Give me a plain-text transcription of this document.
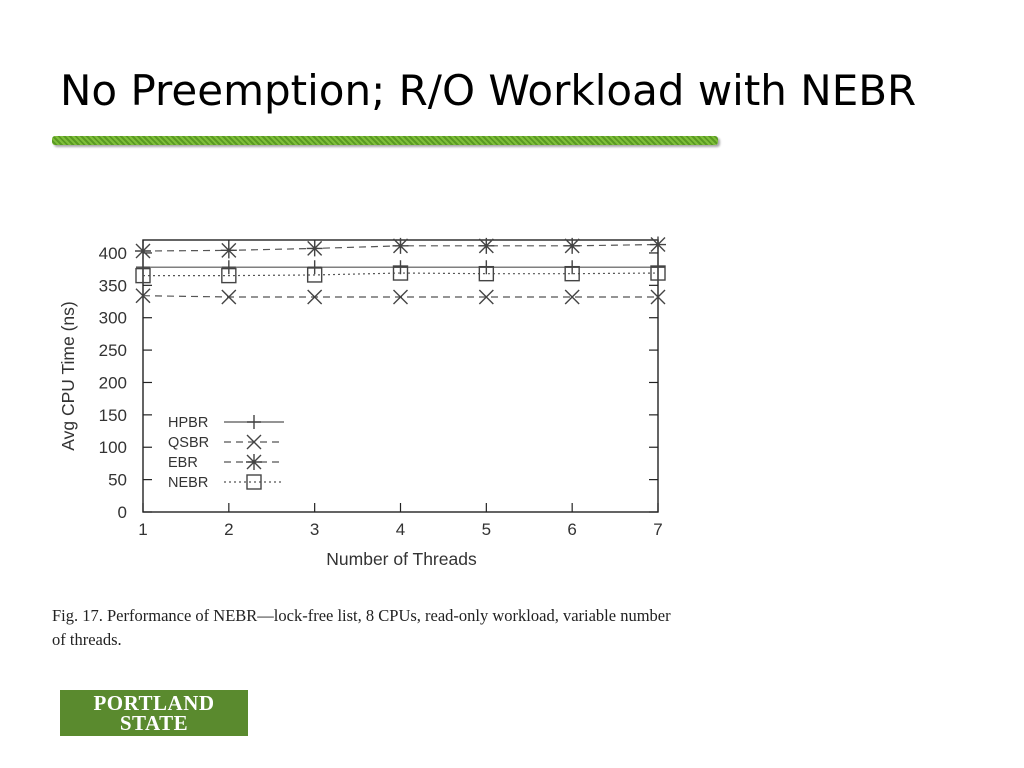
No Preemption; R/O Workload with NEBR
0
50
100
150
200
250
300
350
400
1	2	3	4	5	6	7
Number of Threads
Avg CPU Time (ns)	HPBR
QSBR
EBR
NEBR

Fig. 17. Performance of NEBR—lock-free list, 8 CPUs, read-only workload, variable number of threads.

PORTLAND STATE
UNIVERSITY
